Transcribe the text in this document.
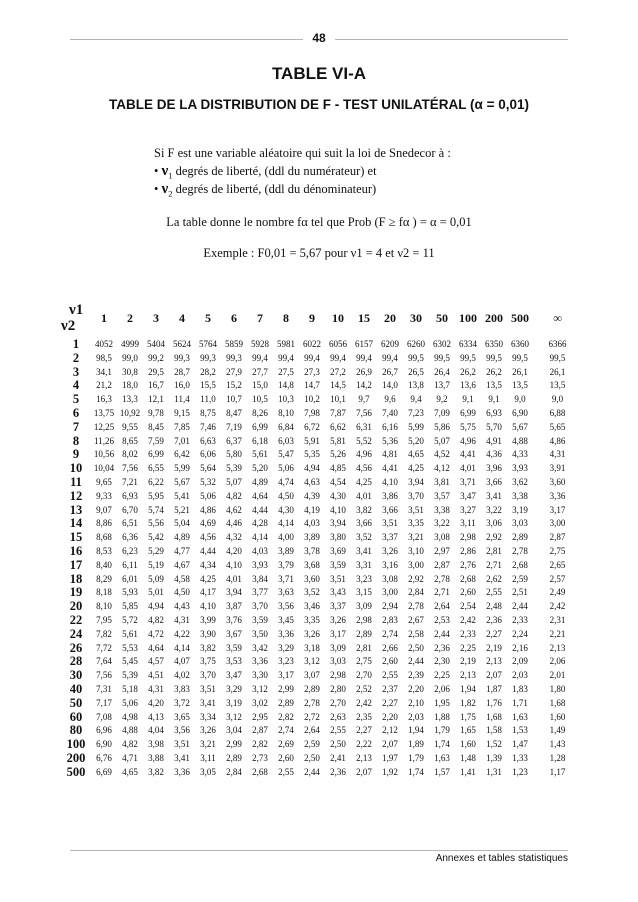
48
TABLE VI-A
TABLE DE LA DISTRIBUTION DE F - TEST UNILATÉRAL (α = 0,01)
Si F est une variable aléatoire qui suit la loi de Snedecor à :
• $\nu_1$ degrés de liberté, (ddl du numérateur) et
• $\nu_2$ degrés de liberté, (ddl du dénominateur)
La table donne le nombre fα tel que Prob (F ≥ fα ) = α = 0,01
Exemple : F0,01 = 5,67 pour ν1 = 4 et ν2 = 11
ν1
ν2	1	2	3	4	5	6	7	8	9	10	15	20	30	50	100	200	500	∞
1	4052	4999	5404	5624	5764	5859	5928	5981	6022	6056	6157	6209	6260	6302	6334	6350	6360	6366
2	98,5	99,0	99,2	99,3	99,3	99,3	99,4	99,4	99,4	99,4	99,4	99,4	99,5	99,5	99,5	99,5	99,5	99,5
3	34,1	30,8	29,5	28,7	28,2	27,9	27,7	27,5	27,3	27,2	26,9	26,7	26,5	26,4	26,2	26,2	26,1	26,1
4	21,2	18,0	16,7	16,0	15,5	15,2	15,0	14,8	14,7	14,5	14,2	14,0	13,8	13,7	13,6	13,5	13,5	13,5
5	16,3	13,3	12,1	11,4	11,0	10,7	10,5	10,3	10,2	10,1	9,7	9,6	9,4	9,2	9,1	9,1	9,0	9,0
6	13,75	10,92	9,78	9,15	8,75	8,47	8,26	8,10	7,98	7,87	7,56	7,40	7,23	7,09	6,99	6,93	6,90	6,88
7	12,25	9,55	8,45	7,85	7,46	7,19	6,99	6,84	6,72	6,62	6,31	6,16	5,99	5,86	5,75	5,70	5,67	5,65
8	11,26	8,65	7,59	7,01	6,63	6,37	6,18	6,03	5,91	5,81	5,52	5,36	5,20	5,07	4,96	4,91	4,88	4,86
9	10,56	8,02	6,99	6,42	6,06	5,80	5,61	5,47	5,35	5,26	4,96	4,81	4,65	4,52	4,41	4,36	4,33	4,31
10	10,04	7,56	6,55	5,99	5,64	5,39	5,20	5,06	4,94	4,85	4,56	4,41	4,25	4,12	4,01	3,96	3,93	3,91
11	9,65	7,21	6,22	5,67	5,32	5,07	4,89	4,74	4,63	4,54	4,25	4,10	3,94	3,81	3,71	3,66	3,62	3,60
12	9,33	6,93	5,95	5,41	5,06	4,82	4,64	4,50	4,39	4,30	4,01	3,86	3,70	3,57	3,47	3,41	3,38	3,36
13	9,07	6,70	5,74	5,21	4,86	4,62	4,44	4,30	4,19	4,10	3,82	3,66	3,51	3,38	3,27	3,22	3,19	3,17
14	8,86	6,51	5,56	5,04	4,69	4,46	4,28	4,14	4,03	3,94	3,66	3,51	3,35	3,22	3,11	3,06	3,03	3,00
15	8,68	6,36	5,42	4,89	4,56	4,32	4,14	4,00	3,89	3,80	3,52	3,37	3,21	3,08	2,98	2,92	2,89	2,87
16	8,53	6,23	5,29	4,77	4,44	4,20	4,03	3,89	3,78	3,69	3,41	3,26	3,10	2,97	2,86	2,81	2,78	2,75
17	8,40	6,11	5,19	4,67	4,34	4,10	3,93	3,79	3,68	3,59	3,31	3,16	3,00	2,87	2,76	2,71	2,68	2,65
18	8,29	6,01	5,09	4,58	4,25	4,01	3,84	3,71	3,60	3,51	3,23	3,08	2,92	2,78	2,68	2,62	2,59	2,57
19	8,18	5,93	5,01	4,50	4,17	3,94	3,77	3,63	3,52	3,43	3,15	3,00	2,84	2,71	2,60	2,55	2,51	2,49
20	8,10	5,85	4,94	4,43	4,10	3,87	3,70	3,56	3,46	3,37	3,09	2,94	2,78	2,64	2,54	2,48	2,44	2,42
22	7,95	5,72	4,82	4,31	3,99	3,76	3,59	3,45	3,35	3,26	2,98	2,83	2,67	2,53	2,42	2,36	2,33	2,31
24	7,82	5,61	4,72	4,22	3,90	3,67	3,50	3,36	3,26	3,17	2,89	2,74	2,58	2,44	2,33	2,27	2,24	2,21
26	7,72	5,53	4,64	4,14	3,82	3,59	3,42	3,29	3,18	3,09	2,81	2,66	2,50	2,36	2,25	2,19	2,16	2,13
28	7,64	5,45	4,57	4,07	3,75	3,53	3,36	3,23	3,12	3,03	2,75	2,60	2,44	2,30	2,19	2,13	2,09	2,06
30	7,56	5,39	4,51	4,02	3,70	3,47	3,30	3,17	3,07	2,98	2,70	2,55	2,39	2,25	2,13	2,07	2,03	2,01
40	7,31	5,18	4,31	3,83	3,51	3,29	3,12	2,99	2,89	2,80	2,52	2,37	2,20	2,06	1,94	1,87	1,83	1,80
50	7,17	5,06	4,20	3,72	3,41	3,19	3,02	2,89	2,78	2,70	2,42	2,27	2,10	1,95	1,82	1,76	1,71	1,68
60	7,08	4,98	4,13	3,65	3,34	3,12	2,95	2,82	2,72	2,63	2,35	2,20	2,03	1,88	1,75	1,68	1,63	1,60
80	6,96	4,88	4,04	3,56	3,26	3,04	2,87	2,74	2,64	2,55	2,27	2,12	1,94	1,79	1,65	1,58	1,53	1,49
100	6,90	4,82	3,98	3,51	3,21	2,99	2,82	2,69	2,59	2,50	2,22	2,07	1,89	1,74	1,60	1,52	1,47	1,43
200	6,76	4,71	3,88	3,41	3,11	2,89	2,73	2,60	2,50	2,41	2,13	1,97	1,79	1,63	1,48	1,39	1,33	1,28
500	6,69	4,65	3,82	3,36	3,05	2,84	2,68	2,55	2,44	2,36	2,07	1,92	1,74	1,57	1,41	1,31	1,23	1,17
Annexes et tables statistiques
